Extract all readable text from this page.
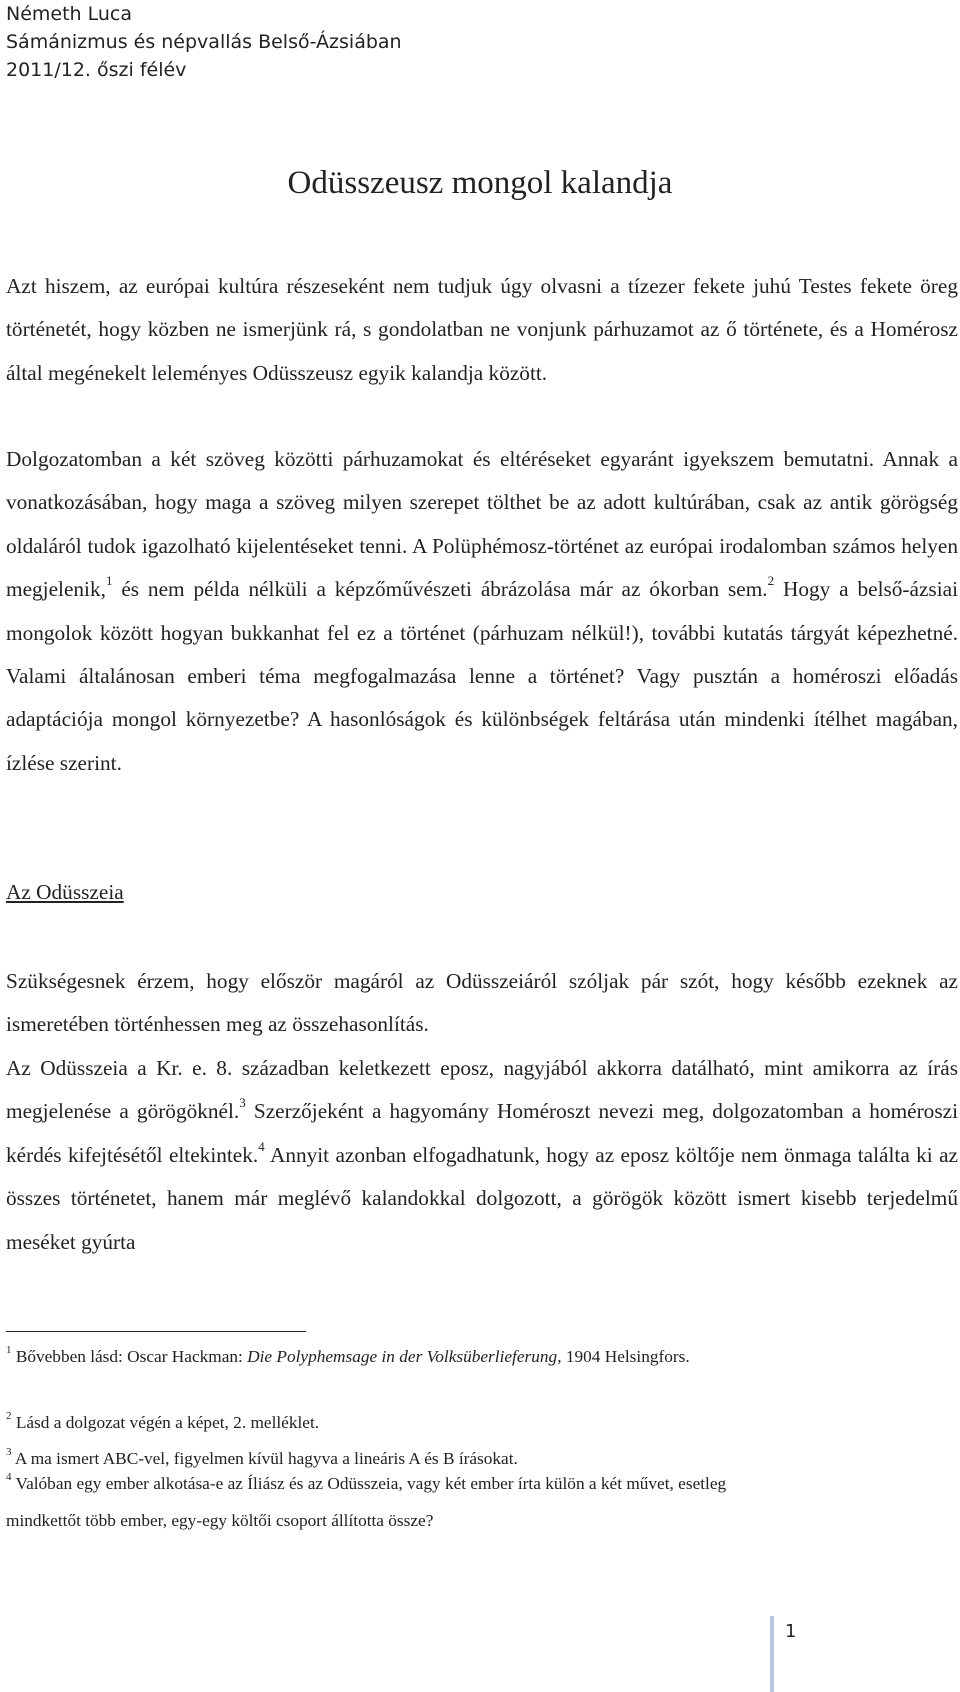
Németh Luca
Sámánizmus és népvallás Belső-Ázsiában
2011/12. őszi félév
Odüsszeusz mongol kalandja
Azt hiszem, az európai kultúra részeseként nem tudjuk úgy olvasni a tízezer fekete juhú Testes fekete öreg történetét, hogy közben ne ismerjünk rá, s gondolatban ne vonjunk párhuzamot az ő története, és a Homérosz által megénekelt leleményes Odüsszeusz egyik kalandja között.
Dolgozatomban a két szöveg közötti párhuzamokat és eltéréseket egyaránt igyekszem bemutatni. Annak a vonatkozásában, hogy maga a szöveg milyen szerepet tölthet be az adott kultúrában, csak az antik görögség oldaláról tudok igazolható kijelentéseket tenni. A Polüphémosz-történet az európai irodalomban számos helyen megjelenik,$^1$ és nem példa nélküli a képzőművészeti ábrázolása már az ókorban sem.$^2$ Hogy a belső-ázsiai mongolok között hogyan bukkanhat fel ez a történet (párhuzam nélkül!), további kutatás tárgyát képezhetné. Valami általánosan emberi téma megfogalmazása lenne a történet? Vagy pusztán a homéroszi előadás adaptációja mongol környezetbe? A hasonlóságok és különbségek feltárása után mindenki ítélhet magában, ízlése szerint.
Az Odüsszeia
Szükségesnek érzem, hogy először magáról az Odüsszeiáról szóljak pár szót, hogy később ezeknek az ismeretében történhessen meg az összehasonlítás.
Az Odüsszeia a Kr. e. 8. században keletkezett eposz, nagyjából akkorra datálható, mint amikorra az írás megjelenése a görögöknél.$^3$ Szerzőjeként a hagyomány Homéroszt nevezi meg, dolgozatomban a homéroszi kérdés kifejtésétől eltekintek.$^4$ Annyit azonban elfogadhatunk, hogy az eposz költője nem önmaga találta ki az összes történetet, hanem már meglévő kalandokkal dolgozott, a görögök között ismert kisebb terjedelmű meséket gyúrta
$^1$ Bővebben lásd: Oscar Hackman: Die Polyphemsage in der Volksüberlieferung, 1904 Helsingfors.
$^2$ Lásd a dolgozat végén a képet, 2. melléklet.
$^3$ A ma ismert ABC-vel, figyelmen kívül hagyva a lineáris A és B írásokat.
$^4$ Valóban egy ember alkotása-e az Íliász és az Odüsszeia, vagy két ember írta külön a két művet, esetleg
mindkettőt több ember, egy-egy költői csoport állította össze?
1
